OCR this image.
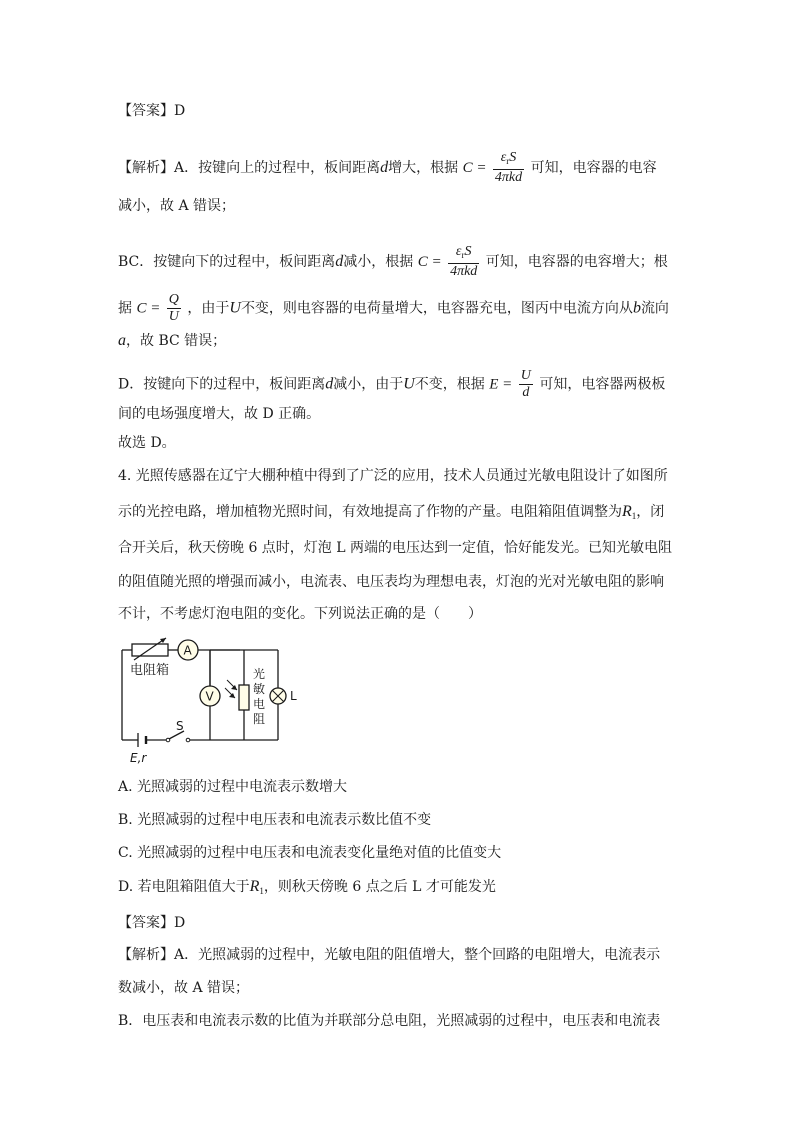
【答案】D
【解析】A．按键向上的过程中，板间距离d增大，根据 $C = \frac{\varepsilon_rS}{\text{4πkd}}$ 可知，电容器的电容
减小，故 A 错误；
BC．按键向下的过程中，板间距离d减小，根据 $C = \frac{\varepsilon_rS}{\text{4πkd}}$ 可知，电容器的电容增大；根
据 $C = \frac{Q}{U}$ ，由于U不变，则电容器的电荷量增大，电容器充电，图丙中电流方向从b流向
a，故 BC 错误；
D．按键向下的过程中，板间距离d减小，由于U不变，根据 $E = \frac{U}{d}$ 可知，电容器两极板
间的电场强度增大，故 D 正确。
故选 D。
4. 光照传感器在辽宁大棚种植中得到了广泛的应用，技术人员通过光敏电阻设计了如图所
示的光控电路，增加植物光照时间，有效地提高了作物的产量。电阻箱阻值调整为$R_1$，闭
合开关后，秋天傍晚 6 点时，灯泡 L 两端的电压达到一定值，恰好能发光。已知光敏电阻
的阻值随光照的增强而减小，电流表、电压表均为理想电表，灯泡的光对光敏电阻的影响
不计，不考虑灯泡电阻的变化。下列说法正确的是（　　）
电阻箱
A
V
光 敏 电 阻
L
E,r
S
A. 光照减弱的过程中电流表示数增大
B. 光照减弱的过程中电压表和电流表示数比值不变
C. 光照减弱的过程中电压表和电流表变化量绝对值的比值变大
D. 若电阻箱阻值大于$R_1$，则秋天傍晚 6 点之后 L 才可能发光
【答案】D
【解析】A．光照减弱的过程中，光敏电阻的阻值增大，整个回路的电阻增大，电流表示
数减小，故 A 错误；
B．电压表和电流表示数的比值为并联部分总电阻，光照减弱的过程中，电压表和电流表
